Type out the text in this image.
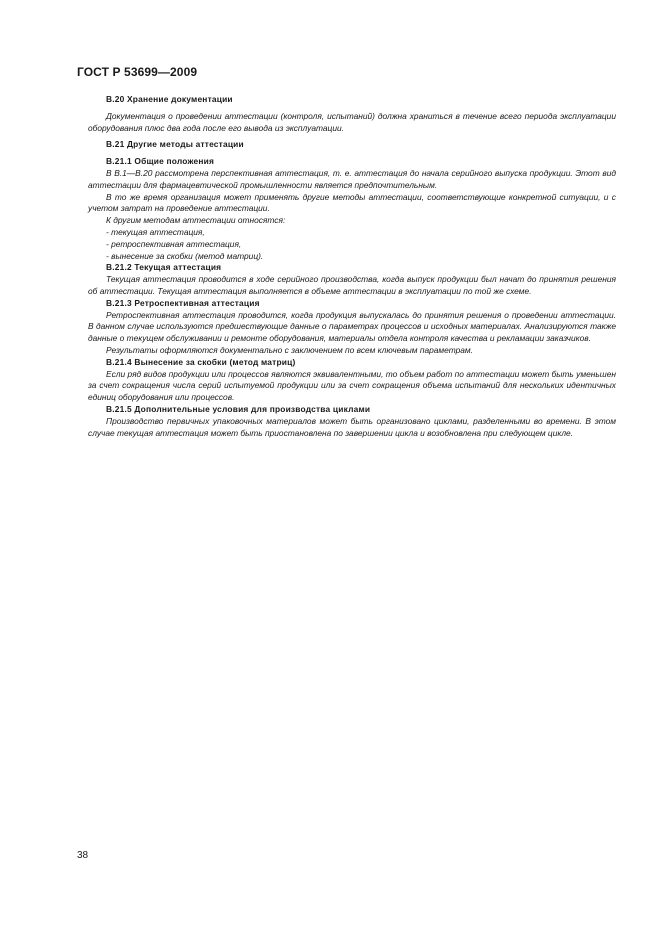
ГОСТ Р 53699—2009

В.20 Хранение документации

Документация о проведении аттестации (контроля, испытаний) должна храниться в течение всего периода эксплуатации оборудования плюс два года после его вывода из эксплуатации.

В.21 Другие методы аттестации

В.21.1 Общие положения

В В.1—В.20 рассмотрена перспективная аттестация, т. е. аттестация до начала серийного выпуска продукции. Этот вид аттестации для фармацевтической промышленности является предпочтительным.

В то же время организация может применять другие методы аттестации, соответствующие конкретной ситуации, и с учетом затрат на проведение аттестации.

К другим методам аттестации относятся:

- текущая аттестация,

- ретроспективная аттестация,

- вынесение за скобки (метод матриц).

В.21.2 Текущая аттестация

Текущая аттестация проводится в ходе серийного производства, когда выпуск продукции был начат до принятия решения об аттестации. Текущая аттестация выполняется в объеме аттестации в эксплуатации по той же схеме.

В.21.3 Ретроспективная аттестация

Ретроспективная аттестация проводится, когда продукция выпускалась до принятия решения о проведении аттестации. В данном случае используются предшествующие данные о параметрах процессов и исходных материалах. Анализируются также данные о текущем обслуживании и ремонте оборудования, материалы отдела контроля качества и рекламации заказчиков.

Результаты оформляются документально с заключением по всем ключевым параметрам.

В.21.4 Вынесение за скобки (метод матриц)

Если ряд видов продукции или процессов являются эквивалентными, то объем работ по аттестации может быть уменьшен за счет сокращения числа серий испытуемой продукции или за счет сокращения объема испытаний для нескольких идентичных единиц оборудования или процессов.

В.21.5 Дополнительные условия для производства циклами

Производство первичных упаковочных материалов может быть организовано циклами, разделенными во времени. В этом случае текущая аттестация может быть приостановлена по завершении цикла и возобновлена при следующем цикле.

38
